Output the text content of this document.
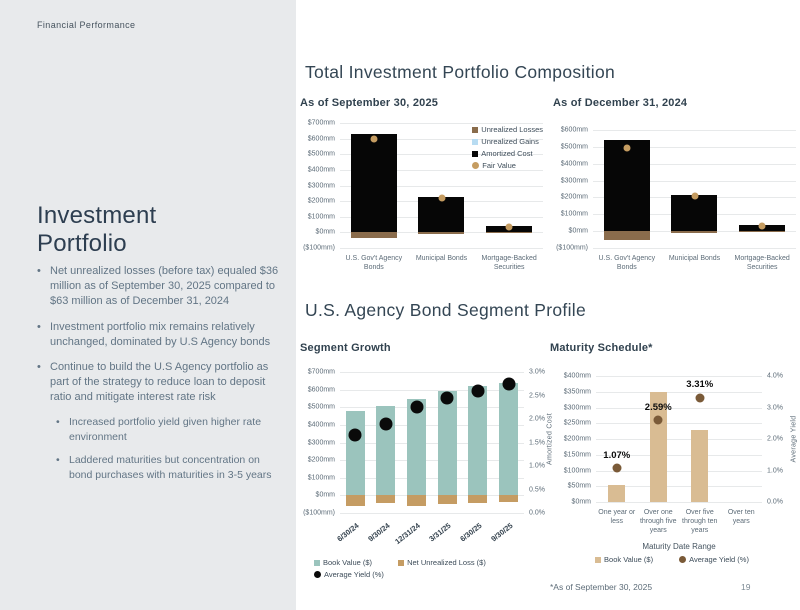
Financial Performance
Investment Portfolio
• Net unrealized losses (before tax) equaled $36 million as of September 30, 2025 compared to $63 million as of December 31, 2024
• Investment portfolio mix remains relatively unchanged, dominated by U.S Agency bonds
• Continue to build the U.S Agency portfolio as part of the strategy to reduce loan to deposit ratio and mitigate interest rate risk
• Increased portfolio yield given higher rate environment
• Laddered maturities but concentration on bond purchases with maturities in 3-5 years
Total Investment Portfolio Composition
As of September 30, 2025
$700mm
$600mm
$500mm
$400mm
$300mm
$200mm
$100mm
$0mm
($100mm)
Unrealized Losses
Unrealized Gains
Amortized Cost
Fair Value
U.S. Gov't Agency Bonds
Municipal Bonds	Mortgage-Backed Securities
As of December 31, 2024
$600mm
$500mm
$400mm
$300mm
$200mm
$100mm
$0mm
($100mm)
U.S. Gov't Agency Bonds
Municipal Bonds	Mortgage-Backed Securities
U.S. Agency Bond Segment Profile
Segment Growth
$700mm
$600mm
$500mm
$400mm
$300mm
$200mm
$100mm
$0mm
($100mm)
3.0%
2.5%
2.0%
1.5%
1.0%
0.5%
0.0%
6/30/24 9/30/24 12/31/24 3/31/25 6/30/25 9/30/25
Book Value ($)	Net Unrealized Loss ($)
Average Yield (%)
Maturity Schedule*
Amortized Cost
$400mm
$350mm
$300mm
$250mm
$200mm
$150mm
$100mm
$50mm
$0mm
1.07%
2.59%
3.31%
4.0%
3.0%
2.0%
1.0%
0.0%
Average Yield
One year or less
Over one through five years
Over five through ten years
Over ten years
Maturity Date Range
Book Value ($)	Average Yield (%)
*As of September 30, 2025	19
